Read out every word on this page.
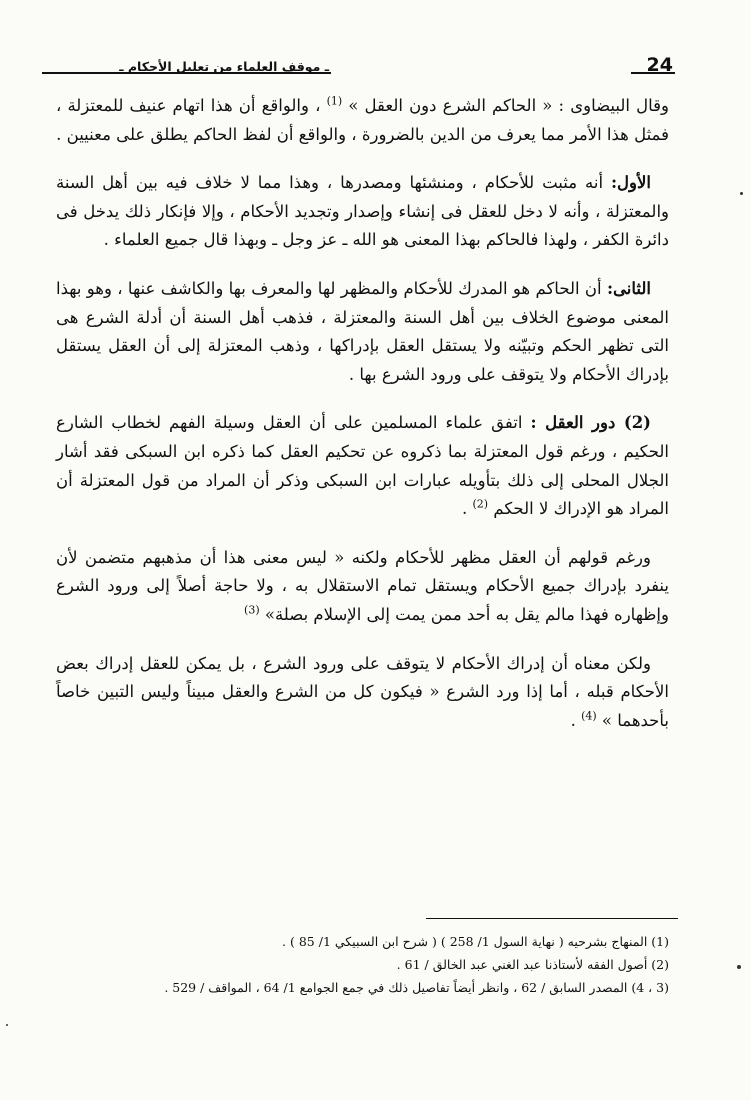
24
ـ موقف العلماء من تعليل الأحكام ـ

وقال البيضاوى : « الحاكم الشرع دون العقل » $^{(1)}$ ، والواقع أن هذا اتهام عنيف للمعتزلة ، فمثل هذا الأمر مما يعرف من الدين بالضرورة ، والواقع أن لفظ الحاكم يطلق على معنيين .

الأول: أنه مثبت للأحكام ، ومنشئها ومصدرها ، وهذا مما لا خلاف فيه بين أهل السنة والمعتزلة ، وأنه لا دخل للعقل فى إنشاء وإصدار وتجديد الأحكام ، وإلا فإنكار ذلك يدخل فى دائرة الكفر ، ولهذا فالحاكم بهذا المعنى هو الله ـ عز وجل ـ وبهذا قال جميع العلماء .

الثانى: أن الحاكم هو المدرك للأحكام والمظهر لها والمعرف بها والكاشف عنها ، وهو بهذا المعنى موضوع الخلاف بين أهل السنة والمعتزلة ، فذهب أهل السنة أن أدلة الشرع هى التى تظهر الحكم وتبيّنه ولا يستقل العقل بإدراكها ، وذهب المعتزلة إلى أن العقل يستقل بإدراك الأحكام ولا يتوقف على ورود الشرع بها .

(2) دور العقل : اتفق علماء المسلمين على أن العقل وسيلة الفهم لخطاب الشارع الحكيم ، ورغم قول المعتزلة بما ذكروه عن تحكيم العقل كما ذكره ابن السبكى فقد أشار الجلال المحلى إلى ذلك بتأويله عبارات ابن السبكى وذكر أن المراد من قول المعتزلة أن المراد هو الإدراك لا الحكم $^{(2)}$ .

ورغم قولهم أن العقل مظهر للأحكام ولكنه « ليس معنى هذا أن مذهبهم متضمن لأن ينفرد بإدراك جميع الأحكام ويستقل تمام الاستقلال به ، ولا حاجة أصلاً إلى ورود الشرع وإظهاره فهذا مالم يقل به أحد ممن يمت إلى الإسلام بصلة» $^{(3)}$

ولكن معناه أن إدراك الأحكام لا يتوقف على ورود الشرع ، بل يمكن للعقل إدراك بعض الأحكام قبله ، أما إذا ورد الشرع « فيكون كل من الشرع والعقل مبيناً وليس التبين خاصاً بأحدهما » $^{(4)}$ .

(1) المنهاج بشرحيه ( نهاية السول 1/ 258 ) ( شرح ابن السبيكي 1/ 85 ) .
(2) أصول الفقه لأستاذنا عبد الغني عبد الخالق / 61 .
(3 ، 4) المصدر السابق / 62 ، وانظر أيضاً تفاصيل ذلك في جمع الجوامع 1/ 64 ، المواقف / 529 .
